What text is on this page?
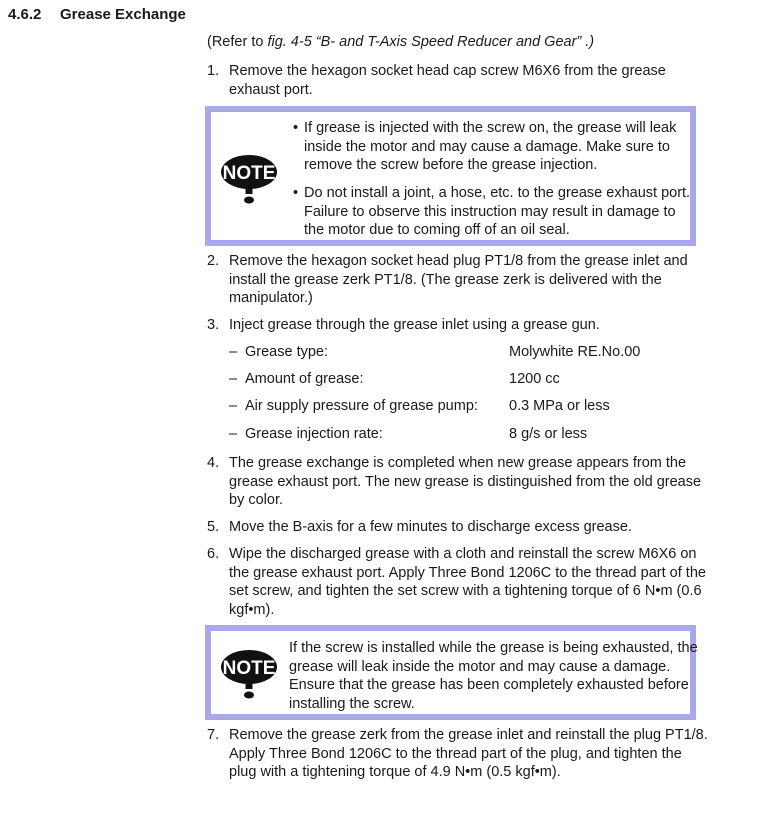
4.6.2 Grease Exchange
(Refer to fig. 4-5 “B- and T-Axis Speed Reducer and Gear” .)
1. Remove the hexagon socket head cap screw M6X6 from the grease exhaust port.
NOTE
• If grease is injected with the screw on, the grease will leak inside the motor and may cause a damage. Make sure to remove the screw before the grease injection.
• Do not install a joint, a hose, etc. to the grease exhaust port. Failure to observe this instruction may result in damage to the motor due to coming off of an oil seal.
2. Remove the hexagon socket head plug PT1/8 from the grease inlet and install the grease zerk PT1/8. (The grease zerk is delivered with the manipulator.)
3. Inject grease through the grease inlet using a grease gun.
– Grease type:	Molywhite RE.No.00
– Amount of grease:	1200 cc
– Air supply pressure of grease pump: 0.3 MPa or less
– Grease injection rate:	8 g/s or less
4. The grease exchange is completed when new grease appears from the grease exhaust port. The new grease is distinguished from the old grease by color.
5. Move the B-axis for a few minutes to discharge excess grease.
6. Wipe the discharged grease with a cloth and reinstall the screw M6X6 on the grease exhaust port. Apply Three Bond 1206C to the thread part of the set screw, and tighten the set screw with a tightening torque of 6 N•m (0.6 kgf•m).
NOTE
If the screw is installed while the grease is being exhausted, the grease will leak inside the motor and may cause a damage. Ensure that the grease has been completely exhausted before installing the screw.
7. Remove the grease zerk from the grease inlet and reinstall the plug PT1/8. Apply Three Bond 1206C to the thread part of the plug, and tighten the plug with a tightening torque of 4.9 N•m (0.5 kgf•m).
